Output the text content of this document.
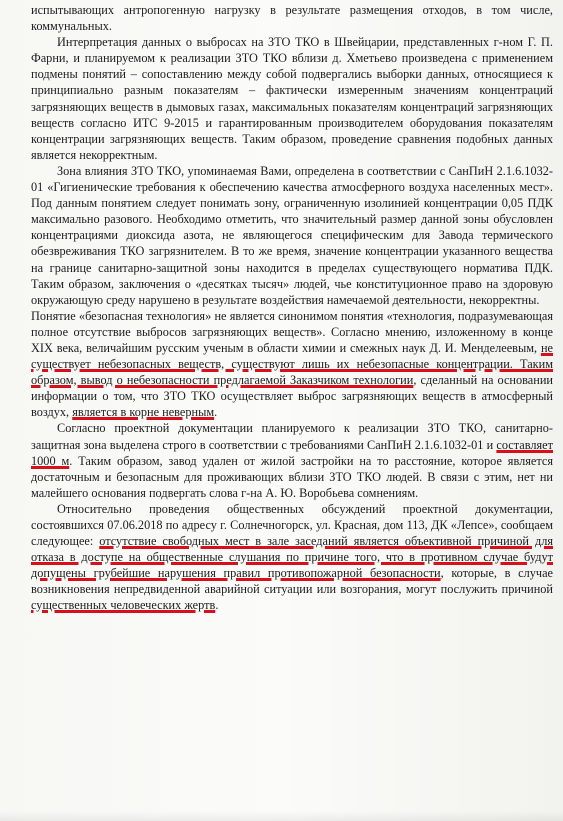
испытывающих антропогенную нагрузку в результате размещения отходов, в том числе, коммунальных.

Интерпретация данных о выбросах на ЗТО ТКО в Швейцарии, представленных г-ном Г. П. Фарни, и планируемом к реализации ЗТО ТКО вблизи д. Хметьево произведена с применением подмены понятий – сопоставлению между собой подвергались выборки данных, относящиеся к принципиально разным показателям – фактически измеренным значениям концентраций загрязняющих веществ в дымовых газах, максимальных показателям концентраций загрязняющих веществ согласно ИТС 9-2015 и гарантированным производителем оборудования показателям концентрации загрязняющих веществ. Таким образом, проведение сравнения подобных данных является некорректным.

Зона влияния ЗТО ТКО, упоминаемая Вами, определена в соответствии с СанПиН 2.1.6.1032-01 «Гигиенические требования к обеспечению качества атмосферного воздуха населенных мест». Под данным понятием следует понимать зону, ограниченную изолинией концентрации 0,05 ПДК максимально разового. Необходимо отметить, что значительный размер данной зоны обусловлен концентрациями диоксида азота, не являющегося специфическим для Завода термического обезвреживания ТКО загрязнителем. В то же время, значение концентрации указанного вещества на границе санитарно-защитной зоны находится в пределах существующего норматива ПДК. Таким образом, заключения о «десятках тысяч» людей, чье конституционное право на здоровую окружающую среду нарушено в результате воздействия намечаемой деятельности, некорректны.

Понятие «безопасная технология» не является синонимом понятия «технология, подразумевающая полное отсутствие выбросов загрязняющих веществ». Согласно мнению, изложенному в конце XIX века, величайшим русским ученым в области химии и смежных наук Д. И. Менделеевым, не существует небезопасных веществ, существуют лишь их небезопасные концентрации. Таким образом, вывод о небезопасности предлагаемой Заказчиком технологии, сделанный на основании информации о том, что ЗТО ТКО осуществляет выброс загрязняющих веществ в атмосферный воздух, является в корне неверным.

Согласно проектной документации планируемого к реализации ЗТО ТКО, санитарно-защитная зона выделена строго в соответствии с требованиями СанПиН 2.1.6.1032-01 и составляет 1000 м. Таким образом, завод удален от жилой застройки на то расстояние, которое является достаточным и безопасным для проживающих вблизи ЗТО ТКО людей. В связи с этим, нет ни малейшего основания подвергать слова г-на А. Ю. Воробьева сомнениям.

Относительно проведения общественных обсуждений проектной документации, состоявшихся 07.06.2018 по адресу г. Солнечногорск, ул. Красная, дом 113, ДК «Лепсе», сообщаем следующее: отсутствие свободных мест в зале заседаний является объективной причиной для отказа в доступе на общественные слушания по причине того, что в противном случае будут допущены грубейшие нарушения правил противопожарной безопасности, которые, в случае возникновения непредвиденной аварийной ситуации или возгорания, могут послужить причиной существенных человеческих жертв.
